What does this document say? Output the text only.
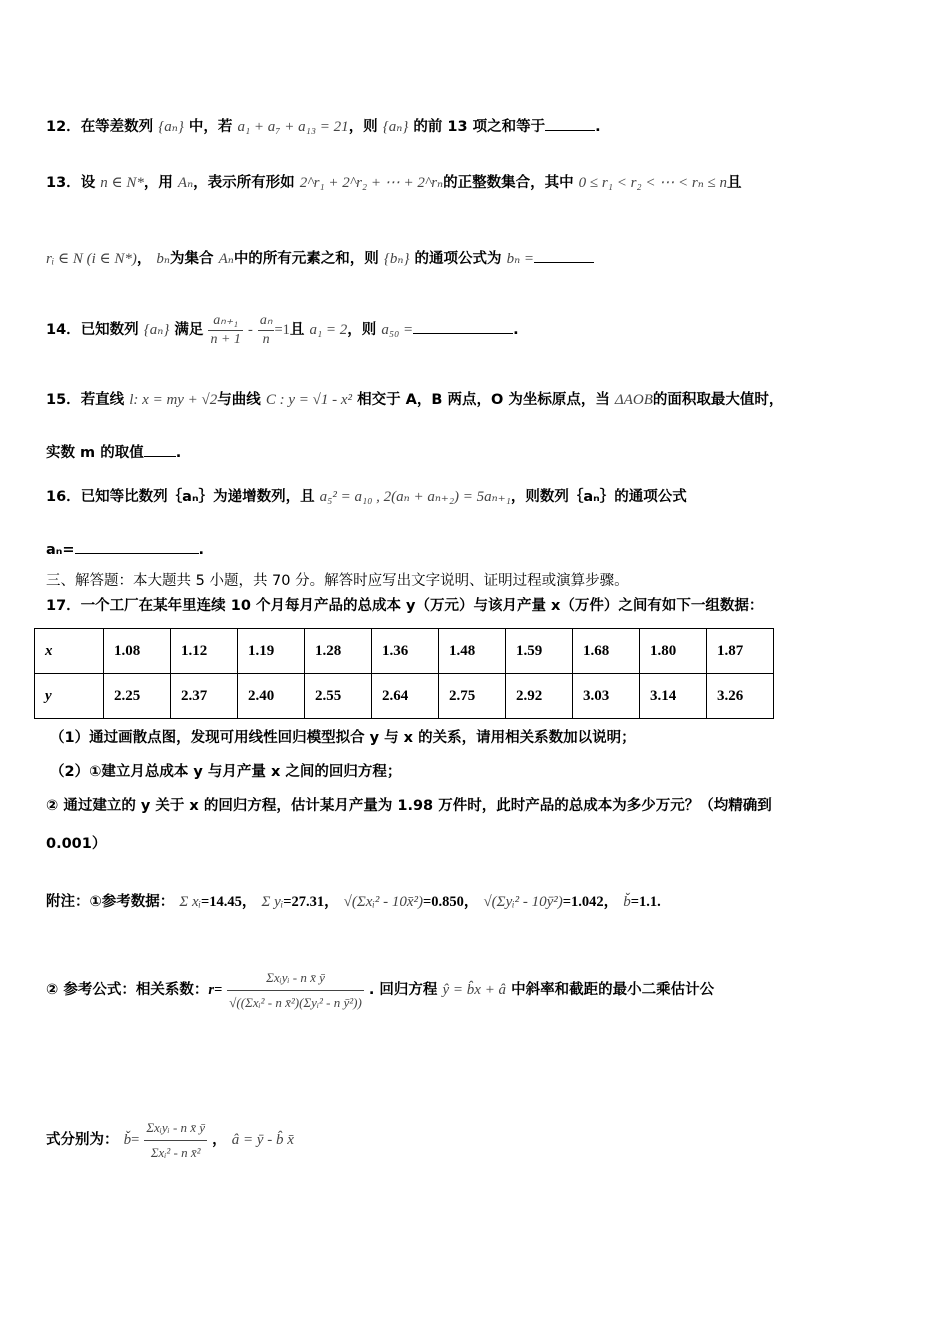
12．在等差数列 {aₙ} 中，若 a₁ + a₇ + a₁₃ = 21，则 {aₙ} 的前 13 项之和等于	.
13．设 n ∈ N*，用 Aₙ，表示所有形如 2^r₁ + 2^r₂ + ⋯ + 2^rₙ的正整数集合，其中 0 ≤ r₁ < r₂ < ⋯ < rₙ ≤ n且
rᵢ ∈ N (i ∈ N*)， bₙ为集合 Aₙ中的所有元素之和，则 {bₙ} 的通项公式为 bₙ =
14．已知数列 {aₙ} 满足 $\frac{\text{aₙ₊₁}}{n + 1} - \frac{\text{aₙ}}{n} =1$且 a₁ = 2，则 a₅₀ =	.
15．若直线 l: x = my + √2与曲线 C : y = √1 - x² 相交于 A，B 两点，O 为坐标原点，当 ΔAOB的面积取最大值时，
实数 m 的取值 .
16．已知等比数列｛aₙ｝为递增数列，且 a₅² = a₁₀ , 2(aₙ + aₙ₊₂) = 5aₙ₊₁，则数列｛aₙ｝的通项公式
aₙ=	.
三、解答题：本大题共 5 小题，共 70 分。解答时应写出文字说明、证明过程或演算步骤。
17．一个工厂在某年里连续 10 个月每月产品的总成本 y（万元）与该月产量 x（万件）之间有如下一组数据：
x	1.08	1.12	1.19	1.28	1.36	1.48	1.59	1.68	1.80	1.87
y	2.25	2.37	2.40	2.55	2.64	2.75	2.92	3.03	3.14	3.26
（1）通过画散点图，发现可用线性回归模型拟合 y 与 x 的关系，请用相关系数加以说明；
（2）①建立月总成本 y 与月产量 x 之间的回归方程；
② 通过建立的 y 关于 x 的回归方程，估计某月产量为 1.98 万件时，此时产品的总成本为多少万元？（均精确到
0.001）
附注：①参考数据： Σ xᵢ=14.45， Σ yᵢ=27.31， √(Σxᵢ² - 10x̄²)=0.850， √(Σyᵢ² - 10ȳ²)=1.042， b̌=1.1.
② 参考公式：相关系数：$r= \frac{\text{Σxᵢyᵢ - n x̄ ȳ}}{\text{√((Σxᵢ² - n x̄²)(Σyᵢ² - n ȳ²))}}$ . 回归方程 ŷ = b̂x + â 中斜率和截距的最小二乘估计公
式分别为： b̌= $\frac{\text{Σxᵢyᵢ - n x̄ ȳ}}{\text{Σxᵢ² - n x̄²}}$ ， â = ȳ - b̂ x̄
